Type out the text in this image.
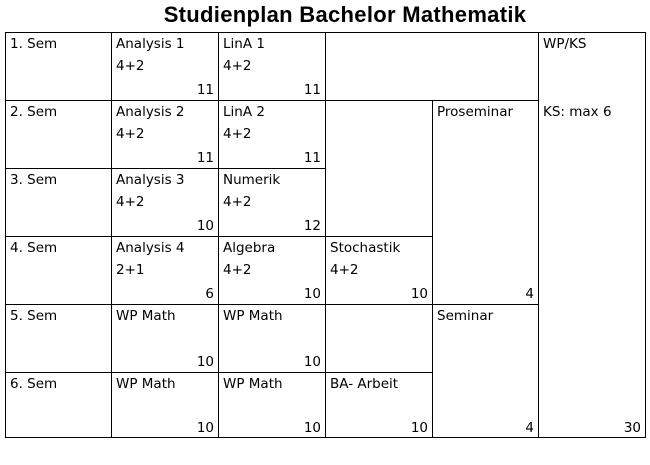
Studienplan Bachelor Mathematik
1. Sem
2. Sem
3. Sem
4. Sem
5. Sem
6. Sem
Analysis 1
4+2
11
Analysis 2
4+2
11
Analysis 3
4+2
10
Analysis 4
2+1
6
WP Math
10
WP Math
10
LinA 1
4+2
11
LinA 2
4+2
11
Numerik
4+2
12
Algebra
4+2
10
WP Math
10
WP Math
10
Stochastik
4+2
10
BA- Arbeit
10
Proseminar
4
Seminar
4
WP/KS
KS: max 6
30
